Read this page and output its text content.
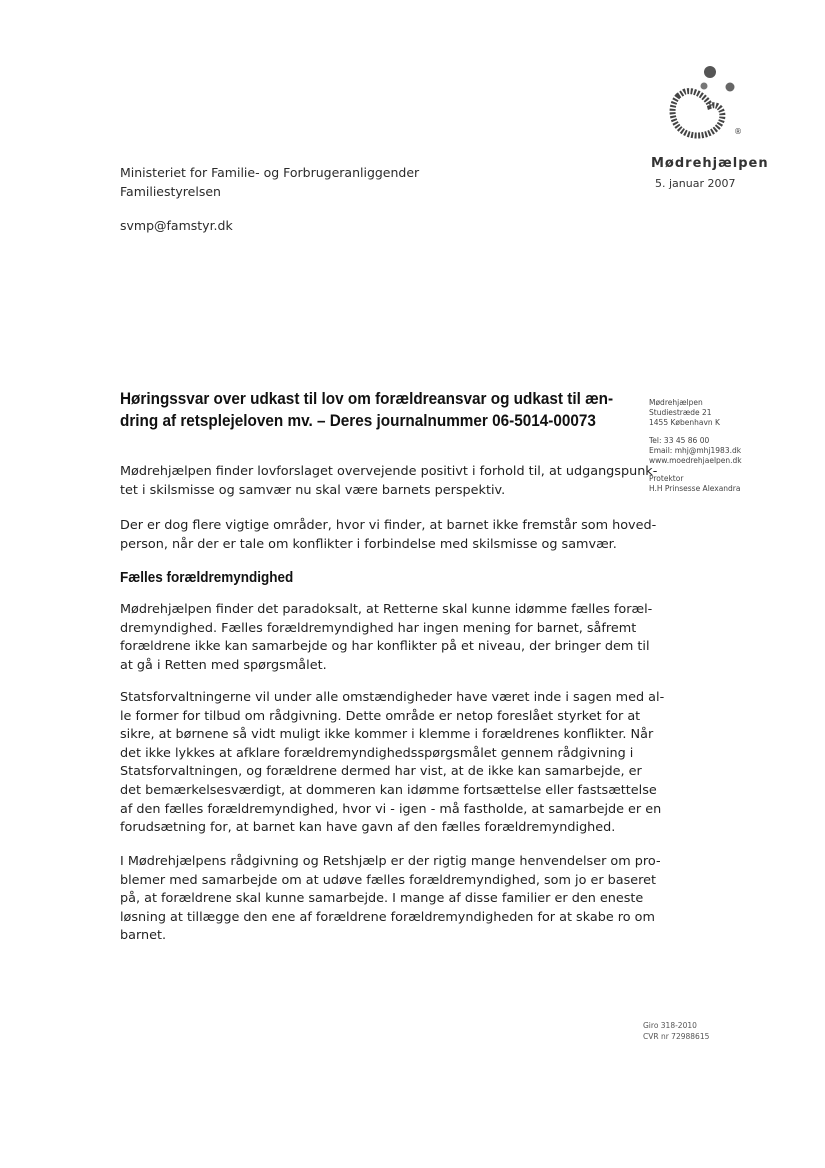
®
Ministeriet for Familie- og Forbrugeranliggender
Familiestyrelsen
svmp@famstyr.dk
Mødrehjælpen
5. januar 2007
Mødrehjælpen
Studiestræde 21
1455 København K
Tel: 33 45 86 00
Email: mhj@mhj1983.dk
www.moedrehjaelpen.dk
Protektor
H.H Prinsesse Alexandra
Høringssvar over udkast til lov om forældreansvar og udkast til æn-
dring af retsplejeloven mv. – Deres journalnummer 06-5014-00073
Mødrehjælpen finder lovforslaget overvejende positivt i forhold til, at udgangspunk-
tet i skilsmisse og samvær nu skal være barnets perspektiv.
Der er dog flere vigtige områder, hvor vi finder, at barnet ikke fremstår som hoved-
person, når der er tale om konflikter i forbindelse med skilsmisse og samvær.
Fælles forældremyndighed
Mødrehjælpen finder det paradoksalt, at Retterne skal kunne idømme fælles foræl-
dremyndighed. Fælles forældremyndighed har ingen mening for barnet, såfremt
forældrene ikke kan samarbejde og har konflikter på et niveau, der bringer dem til
at gå i Retten med spørgsmålet.
Statsforvaltningerne vil under alle omstændigheder have været inde i sagen med al-
le former for tilbud om rådgivning. Dette område er netop foreslået styrket for at
sikre, at børnene så vidt muligt ikke kommer i klemme i forældrenes konflikter. Når
det ikke lykkes at afklare forældremyndighedsspørgsmålet gennem rådgivning i
Statsforvaltningen, og forældrene dermed har vist, at de ikke kan samarbejde, er
det bemærkelsesværdigt, at dommeren kan idømme fortsættelse eller fastsættelse
af den fælles forældremyndighed, hvor vi - igen - må fastholde, at samarbejde er en
forudsætning for, at barnet kan have gavn af den fælles forældremyndighed.
I Mødrehjælpens rådgivning og Retshjælp er der rigtig mange henvendelser om pro-
blemer med samarbejde om at udøve fælles forældremyndighed, som jo er baseret
på, at forældrene skal kunne samarbejde. I mange af disse familier er den eneste
løsning at tillægge den ene af forældrene forældremyndigheden for at skabe ro om
barnet.
Giro 318-2010
CVR nr 72988615
